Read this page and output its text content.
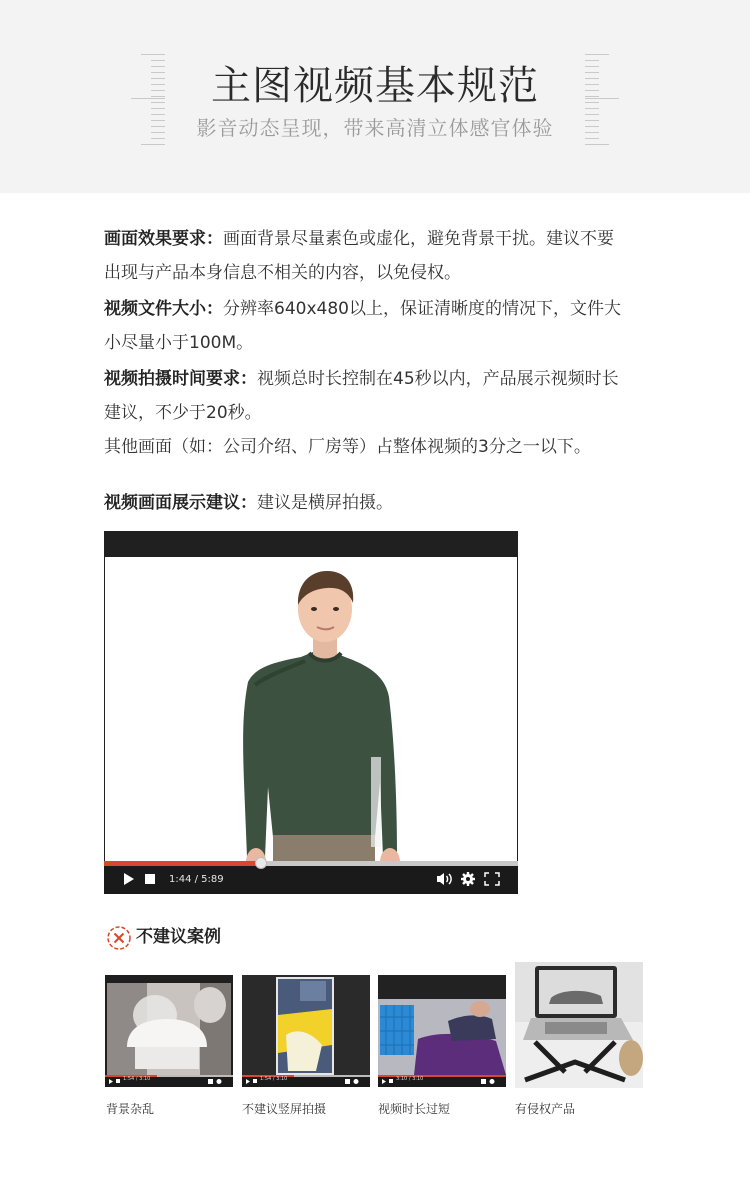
主图视频基本规范
影音动态呈现，带来高清立体感官体验

画面效果要求：画面背景尽量素色或虚化，避免背景干扰。建议不要

出现与产品本身信息不相关的内容，以免侵权。

视频文件大小：分辨率640x480以上，保证清晰度的情况下，文件大

小尽量小于100M。

视频拍摄时间要求：视频总时长控制在45秒以内，产品展示视频时长

建议，不少于20秒。

其他画面（如：公司介绍、厂房等）占整体视频的3分之一以下。

视频画面展示建议：建议是横屏拍摄。
1:44 / 5:89
不建议案例
1:54 / 3:10
背景杂乱
1:54 / 3:10
不建议竖屏拍摄
3:10 / 3:10
视频时长过短	有侵权产品
